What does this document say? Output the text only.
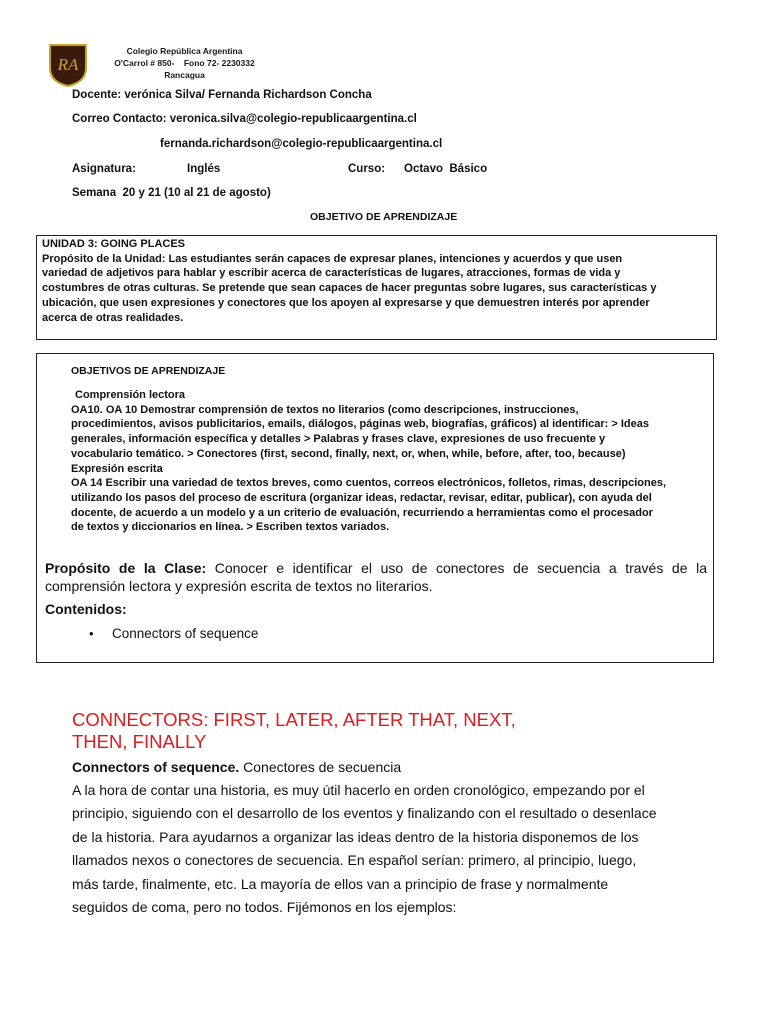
RA
Colegio República Argentina
O'Carrol # 850-    Fono 72- 2230332
Rancagua
Docente: verónica Silva/ Fernanda Richardson Concha
Correo Contacto: veronica.silva@colegio-republicaargentina.cl
fernanda.richardson@colegio-republicaargentina.cl
Asignatura:	Inglés	Curso: Octavo  Básico
Semana  20 y 21 (10 al 21 de agosto)
OBJETIVO DE APRENDIZAJE
UNIDAD 3: GOING PLACES
Propósito de la Unidad: Las estudiantes serán capaces de expresar planes, intenciones y acuerdos y que usen
variedad de adjetivos para hablar y escribir acerca de características de lugares, atracciones, formas de vida y
costumbres de otras culturas. Se pretende que sean capaces de hacer preguntas sobre lugares, sus características y
ubicación, que usen expresiones y conectores que los apoyen al expresarse y que demuestren interés por aprender
acerca de otras realidades.
OBJETIVOS DE APRENDIZAJE
Comprensión lectora
OA10. OA 10 Demostrar comprensión de textos no literarios (como descripciones, instrucciones,
procedimientos, avisos publicitarios, emails, diálogos, páginas web, biografías, gráficos) al identificar: > Ideas
generales, información específica y detalles > Palabras y frases clave, expresiones de uso frecuente y
vocabulario temático. > Conectores (first, second, finally, next, or, when, while, before, after, too, because)
Expresión escrita
OA 14 Escribir una variedad de textos breves, como cuentos, correos electrónicos, folletos, rimas, descripciones,
utilizando los pasos del proceso de escritura (organizar ideas, redactar, revisar, editar, publicar), con ayuda del
docente, de acuerdo a un modelo y a un criterio de evaluación, recurriendo a herramientas como el procesador
de textos y diccionarios en línea. > Escriben textos variados.
Propósito de la Clase: Conocer e identificar el uso de conectores de secuencia a través de la
comprensión lectora y expresión escrita de textos no literarios.
Contenidos:
• Connectors of sequence
CONNECTORS: FIRST, LATER, AFTER THAT, NEXT,
THEN, FINALLY
Connectors of sequence. Conectores de secuencia
A la hora de contar una historia, es muy útil hacerlo en orden cronológico, empezando por el
principio, siguiendo con el desarrollo de los eventos y finalizando con el resultado o desenlace
de la historia. Para ayudarnos a organizar las ideas dentro de la historia disponemos de los
llamados nexos o conectores de secuencia. En español serían: primero, al principio, luego,
más tarde, finalmente, etc. La mayoría de ellos van a principio de frase y normalmente
seguidos de coma, pero no todos. Fijémonos en los ejemplos:
